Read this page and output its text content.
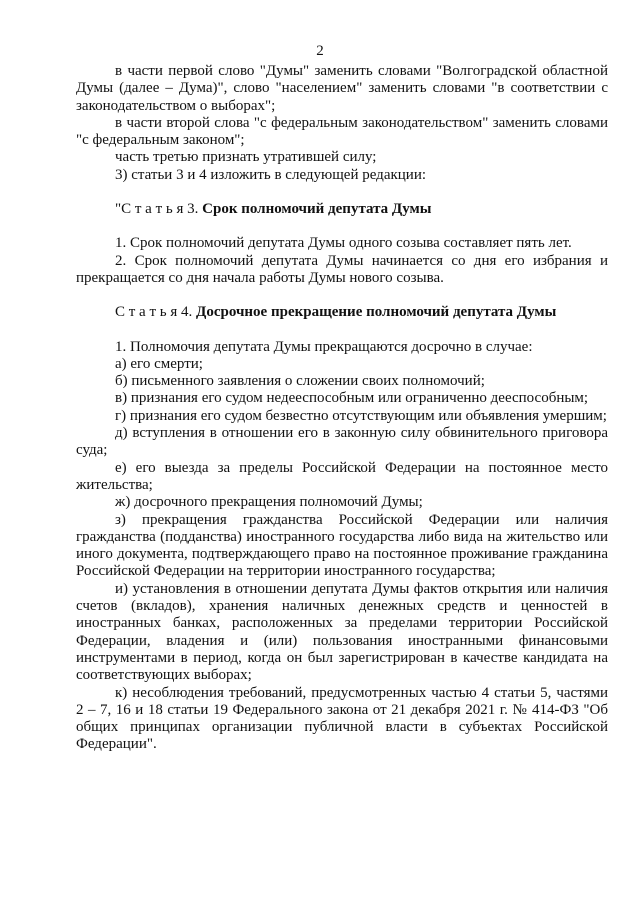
2

в части первой слово "Думы" заменить словами "Волгоградской областной Думы (далее – Дума)", слово "населением" заменить словами "в соответствии с законодательством о выборах";

в части второй слова "с федеральным законодательством" заменить словами "с федеральным законом";

часть третью признать утратившей силу;

3) статьи 3 и 4 изложить в следующей редакции:

"С т а т ь я 3. Срок полномочий депутата Думы

1. Срок полномочий депутата Думы одного созыва составляет пять лет.

2. Срок полномочий депутата Думы начинается со дня его избрания и прекращается со дня начала работы Думы нового созыва.

С т а т ь я 4. Досрочное прекращение полномочий депутата Думы

1. Полномочия депутата Думы прекращаются досрочно в случае:

а) его смерти;

б) письменного заявления о сложении своих полномочий;

в) признания его судом недееспособным или ограниченно дееспособным;

г) признания его судом безвестно отсутствующим или объявления умершим;

д) вступления в отношении его в законную силу обвинительного приговора суда;

е) его выезда за пределы Российской Федерации на постоянное место жительства;

ж) досрочного прекращения полномочий Думы;

з) прекращения гражданства Российской Федерации или наличия гражданства (подданства) иностранного государства либо вида на жительство или иного документа, подтверждающего право на постоянное проживание гражданина Российской Федерации на территории иностранного государства;

и) установления в отношении депутата Думы фактов открытия или наличия счетов (вкладов), хранения наличных денежных средств и ценностей в иностранных банках, расположенных за пределами территории Российской Федерации, владения и (или) пользования иностранными финансовыми инструментами в период, когда он был зарегистрирован в качестве кандидата на соответствующих выборах;

к) несоблюдения требований, предусмотренных частью 4 статьи 5, частями 2 – 7, 16 и 18 статьи 19 Федерального закона от 21 декабря 2021 г. № 414-ФЗ "Об общих принципах организации публичной власти в субъектах Российской Федерации".
